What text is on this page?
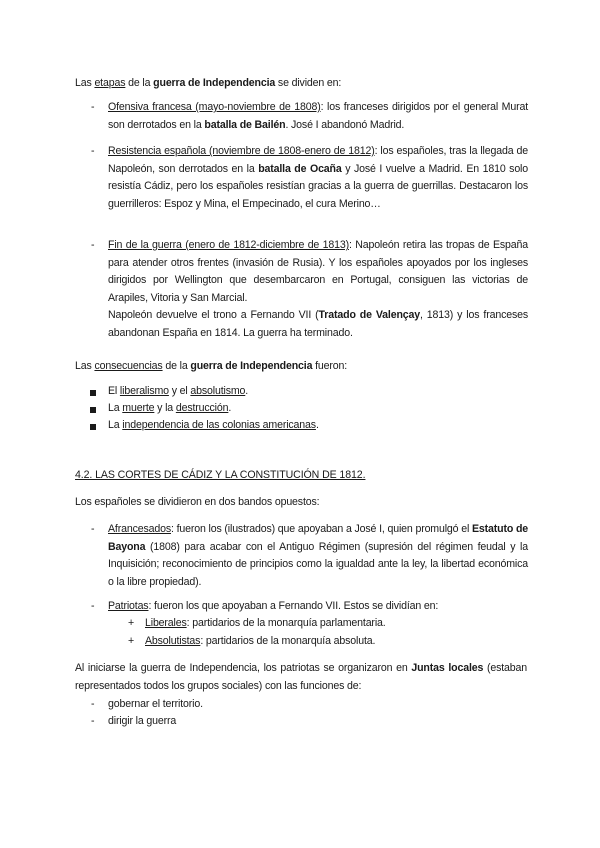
Las etapas de la guerra de Independencia se dividen en:

- Ofensiva francesa (mayo-noviembre de 1808): los franceses dirigidos por el general Murat son derrotados en la batalla de Bailén. José I abandonó Madrid.

- Resistencia española (noviembre de 1808-enero de 1812): los españoles, tras la llegada de Napoleón, son derrotados en la batalla de Ocaña y José I vuelve a Madrid. En 1810 solo resistía Cádiz, pero los españoles resistían gracias a la guerra de guerrillas. Destacaron los guerrilleros: Espoz y Mina, el Empecinado, el cura Merino…

- Fin de la guerra (enero de 1812-diciembre de 1813): Napoleón retira las tropas de España para atender otros frentes (invasión de Rusia). Y los españoles apoyados por los ingleses dirigidos por Wellington que desembarcaron en Portugal, consiguen las victorias de Arapiles, Vitoria y San Marcial.

Napoleón devuelve el trono a Fernando VII (Tratado de Valençay, 1813) y los franceses abandonan España en 1814. La guerra ha terminado.

Las consecuencias de la guerra de Independencia fueron:

El liberalismo y el absolutismo.

La muerte y la destrucción.

La independencia de las colonias americanas.

4.2. LAS CORTES DE CÁDIZ Y LA CONSTITUCIÓN DE 1812.

Los españoles se dividieron en dos bandos opuestos:

- Afrancesados: fueron los (ilustrados) que apoyaban a José I, quien promulgó el Estatuto de Bayona (1808) para acabar con el Antiguo Régimen (supresión del régimen feudal y la Inquisición; reconocimiento de principios como la igualdad ante la ley, la libertad económica o la libre propiedad).

- Patriotas: fueron los que apoyaban a Fernando VII. Estos se dividían en:

+ Liberales: partidarios de la monarquía parlamentaria.

+ Absolutistas: partidarios de la monarquía absoluta.

Al iniciarse la guerra de Independencia, los patriotas se organizaron en Juntas locales (estaban representados todos los grupos sociales) con las funciones de:

- gobernar el territorio.

- dirigir la guerra
